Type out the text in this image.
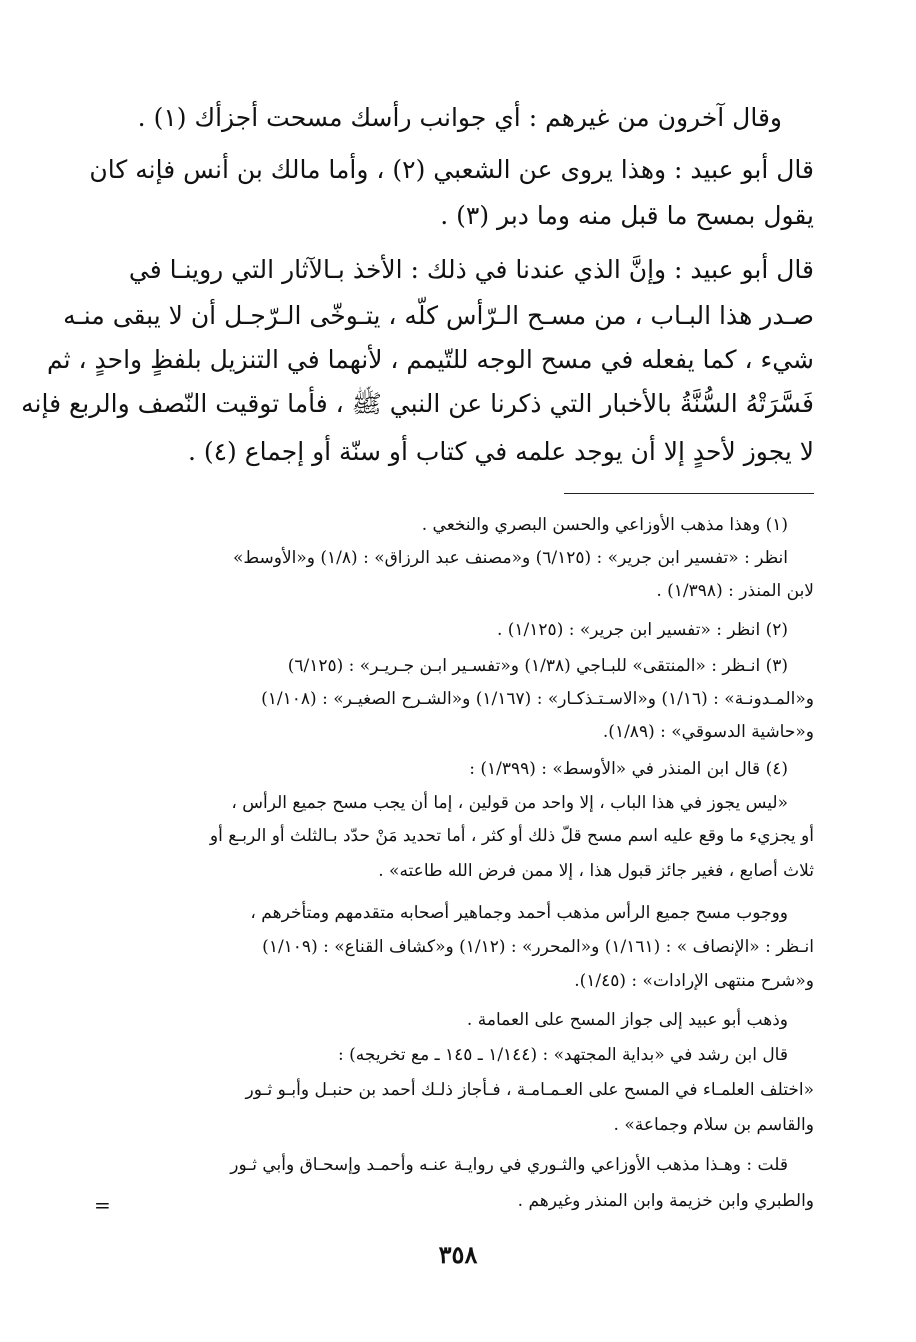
وقال آخرون من غيرهم : أي جوانب رأسك مسحت أجزأك (١) .
قال أبو عبيد : وهذا يروى عن الشعبي (٢) ، وأما مالك بن أنس فإنه كان
يقول بمسح ما قبل منه وما دبر (٣) .
قال أبو عبيد : وإنَّ الذي عندنا في ذلك : الأخذ بـالآثار التي روينـا في
صـدر هذا البـاب ، من مسـح الـرّأس كلّه ، يتـوخّى الـرّجـل أن لا يبقى منـه
شيء ، كما يفعله في مسح الوجه للتّيمم ، لأنهما في التنزيل بلفظٍ واحدٍ ، ثم
فَسَّرَتْهُ السُّنَّةُ بالأخبار التي ذكرنا عن النبي ﷺ ، فأما توقيت النّصف والربع فإنه
لا يجوز لأحدٍ إلا أن يوجد علمه في كتاب أو سنّة أو إجماع (٤) .
(١) وهذا مذهب الأوزاعي والحسن البصري والنخعي .
انظر : «تفسير ابن جرير» : (٦/١٢٥) و«مصنف عبد الرزاق» : (١/٨) و«الأوسط»
لابن المنذر : (١/٣٩٨) .
(٢) انظر : «تفسير ابن جرير» : (١/١٢٥) .
(٣) انـظر : «المنتقى» للبـاجي (١/٣٨) و«تفسـير ابـن جـريـر» : (٦/١٢٥)
و«المـدونـة» : (١/١٦) و«الاسـتـذكـار» : (١/١٦٧) و«الشـرح الصغيـر» : (١/١٠٨)
و«حاشية الدسوقي» : (١/٨٩).
(٤) قال ابن المنذر في «الأوسط» : (١/٣٩٩) :
«ليس يجوز في هذا الباب ، إلا واحد من قولين ، إما أن يجب مسح جميع الرأس ،
أو يجزيء ما وقع عليه اسم مسح قلّ ذلك أو كثر ، أما تحديد مَنْ حدّد بـالثلث أو الربـع أو
ثلاث أصابع ، فغير جائز قبول هذا ، إلا ممن فرض الله طاعته» .
ووجوب مسح جميع الرأس مذهب أحمد وجماهير أصحابه متقدمهم ومتأخرهم ،
انـظر : «الإنصاف » : (١/١٦١) و«المحرر» : (١/١٢) و«كشاف القناع» : (١/١٠٩)
و«شرح منتهى الإرادات» : (١/٤٥).
وذهب أبو عبيد إلى جواز المسح على العمامة .
قال ابن رشد في «بداية المجتهد» : (١/١٤٤ ـ ١٤٥ ـ مع تخريجه) :
«اختلف العلمـاء في المسح على العـمـامـة ، فـأجاز ذلـك أحمد بن حنبـل وأبـو ثـور
والقاسم بن سلام وجماعة» .
قلت : وهـذا مذهب الأوزاعي والثـوري في روايـة عنـه وأحمـد وإسحـاق وأبي ثـور
والطبري وابن خزيمة وابن المنذر وغيرهم .
=
٣٥٨
